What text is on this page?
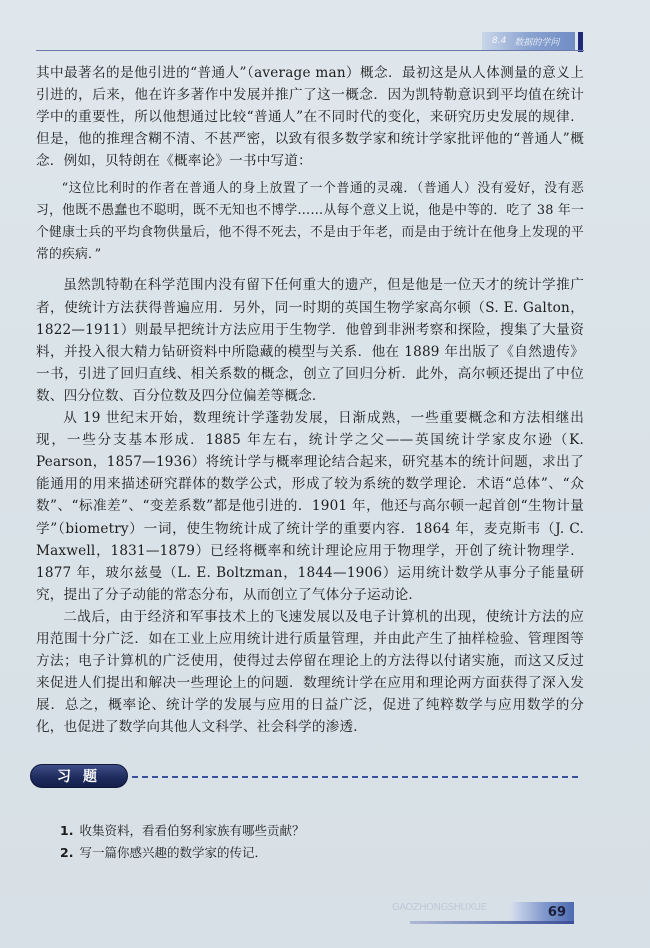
8.4 数据的学问

其中最著名的是他引进的“普通人”（average man）概念．最初这是从人体测量的意义上引进的，后来，他在许多著作中发展并推广了这一概念．因为凯特勒意识到平均值在统计学中的重要性，所以他想通过比较“普通人”在不同时代的变化，来研究历史发展的规律．但是，他的推理含糊不清、不甚严密，以致有很多数学家和统计学家批评他的“普通人”概念．例如，贝特朗在《概率论》一书中写道：

“这位比利时的作者在普通人的身上放置了一个普通的灵魂．（普通人）没有爱好，没有恶习，他既不愚蠢也不聪明，既不无知也不博学……从每个意义上说，他是中等的．吃了 38 年一个健康士兵的平均食物供量后，他不得不死去，不是由于年老，而是由于统计在他身上发现的平常的疾病．”

虽然凯特勒在科学范围内没有留下任何重大的遗产，但是他是一位天才的统计学推广者，使统计方法获得普遍应用．另外，同一时期的英国生物学家高尔顿（S. E. Galton，1822—1911）则最早把统计方法应用于生物学．他曾到非洲考察和探险，搜集了大量资料，并投入很大精力钻研资料中所隐藏的模型与关系．他在 1889 年出版了《自然遗传》一书，引进了回归直线、相关系数的概念，创立了回归分析．此外，高尔顿还提出了中位数、四分位数、百分位数及四分位偏差等概念．

从 19 世纪末开始，数理统计学蓬勃发展，日渐成熟，一些重要概念和方法相继出现，一些分支基本形成．1885 年左右，统计学之父——英国统计学家皮尔逊（K. Pearson，1857—1936）将统计学与概率理论结合起来，研究基本的统计问题，求出了能通用的用来描述研究群体的数学公式，形成了较为系统的数学理论．术语“总体”、“众数”、“标准差”、“变差系数”都是他引进的．1901 年，他还与高尔顿一起首创“生物计量学”（biometry）一词，使生物统计成了统计学的重要内容．1864 年，麦克斯韦（J. C. Maxwell，1831—1879）已经将概率和统计理论应用于物理学，开创了统计物理学．1877 年，玻尔兹曼（L. E. Boltzman，1844—1906）运用统计数学从事分子能量研究，提出了分子动能的常态分布，从而创立了气体分子运动论．

二战后，由于经济和军事技术上的飞速发展以及电子计算机的出现，使统计方法的应用范围十分广泛．如在工业上应用统计进行质量管理，并由此产生了抽样检验、管理图等方法；电子计算机的广泛使用，使得过去停留在理论上的方法得以付诸实施，而这又反过来促进人们提出和解决一些理论上的问题．数理统计学在应用和理论两方面获得了深入发展．总之，概率论、统计学的发展与应用的日益广泛，促进了纯粹数学与应用数学的分化，也促进了数学向其他人文科学、社会科学的渗透．

习题
1. 收集资料，看看伯努利家族有哪些贡献？
2. 写一篇你感兴趣的数学家的传记．
GAOZHONGSHUXUE	69
